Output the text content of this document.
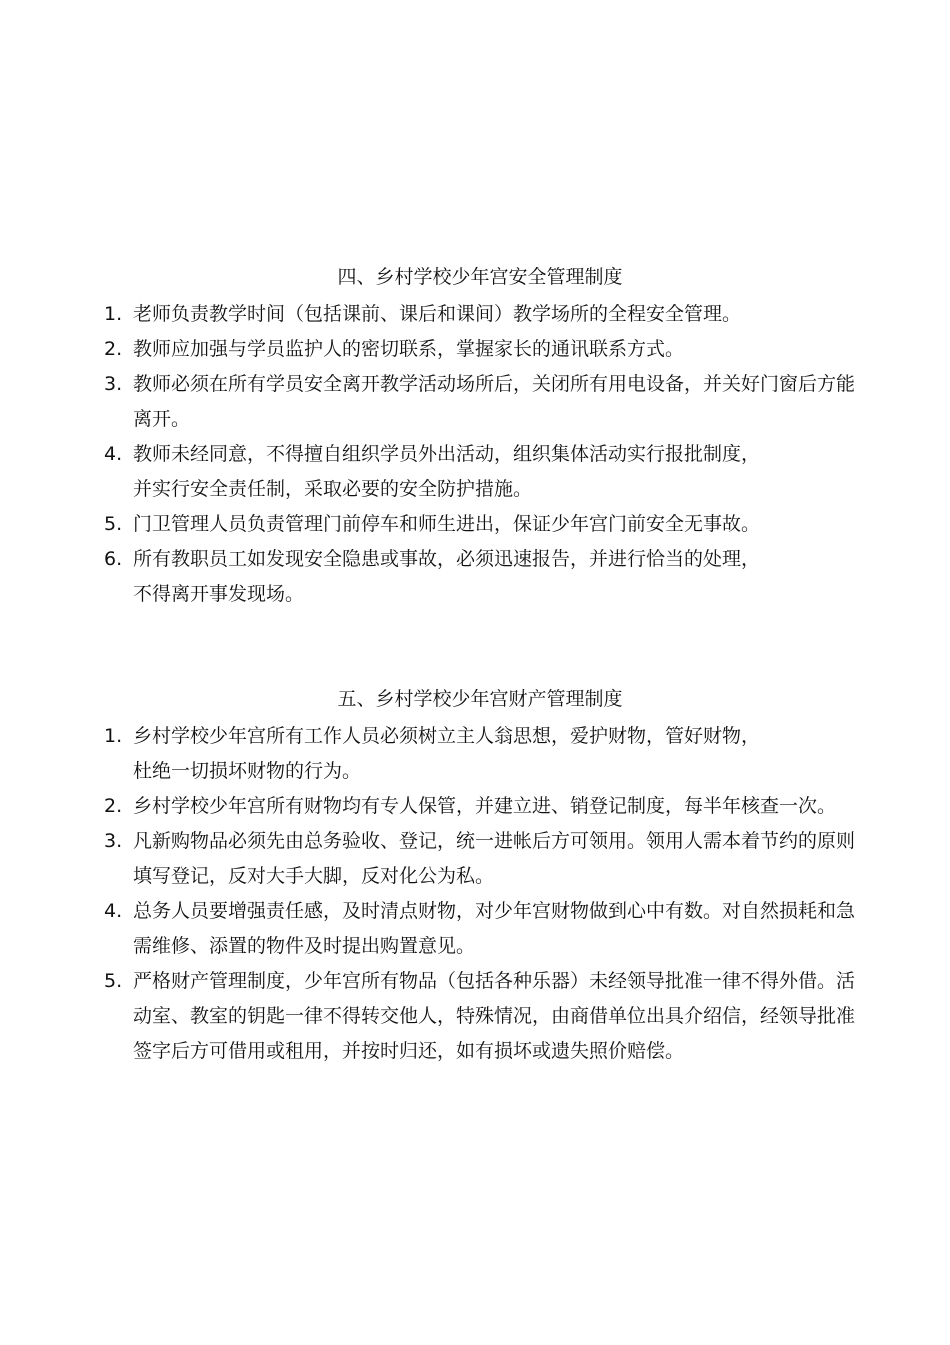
四、乡村学校少年宫安全管理制度
1. 老师负责教学时间（包括课前、课后和课间）教学场所的全程安全管理。
2. 教师应加强与学员监护人的密切联系，掌握家长的通讯联系方式。
3. 教师必须在所有学员安全离开教学活动场所后，关闭所有用电设备，并关好门窗后方能离开。
4. 教师未经同意，不得擅自组织学员外出活动，组织集体活动实行报批制度，
并实行安全责任制，采取必要的安全防护措施。
5. 门卫管理人员负责管理门前停车和师生进出，保证少年宫门前安全无事故。
6. 所有教职员工如发现安全隐患或事故，必须迅速报告，并进行恰当的处理，
不得离开事发现场。
五、乡村学校少年宫财产管理制度
1. 乡村学校少年宫所有工作人员必须树立主人翁思想，爱护财物，管好财物，
杜绝一切损坏财物的行为。
2. 乡村学校少年宫所有财物均有专人保管，并建立进、销登记制度，每半年核查一次。
3. 凡新购物品必须先由总务验收、登记，统一进帐后方可领用。领用人需本着节约的原则填写登记，反对大手大脚，反对化公为私。
4. 总务人员要增强责任感，及时清点财物，对少年宫财物做到心中有数。对自然损耗和急需维修、添置的物件及时提出购置意见。
5. 严格财产管理制度，少年宫所有物品（包括各种乐器）未经领导批准一律不得外借。活动室、教室的钥匙一律不得转交他人，特殊情况，由商借单位出具介绍信，经领导批准签字后方可借用或租用，并按时归还，如有损坏或遗失照价赔偿。
